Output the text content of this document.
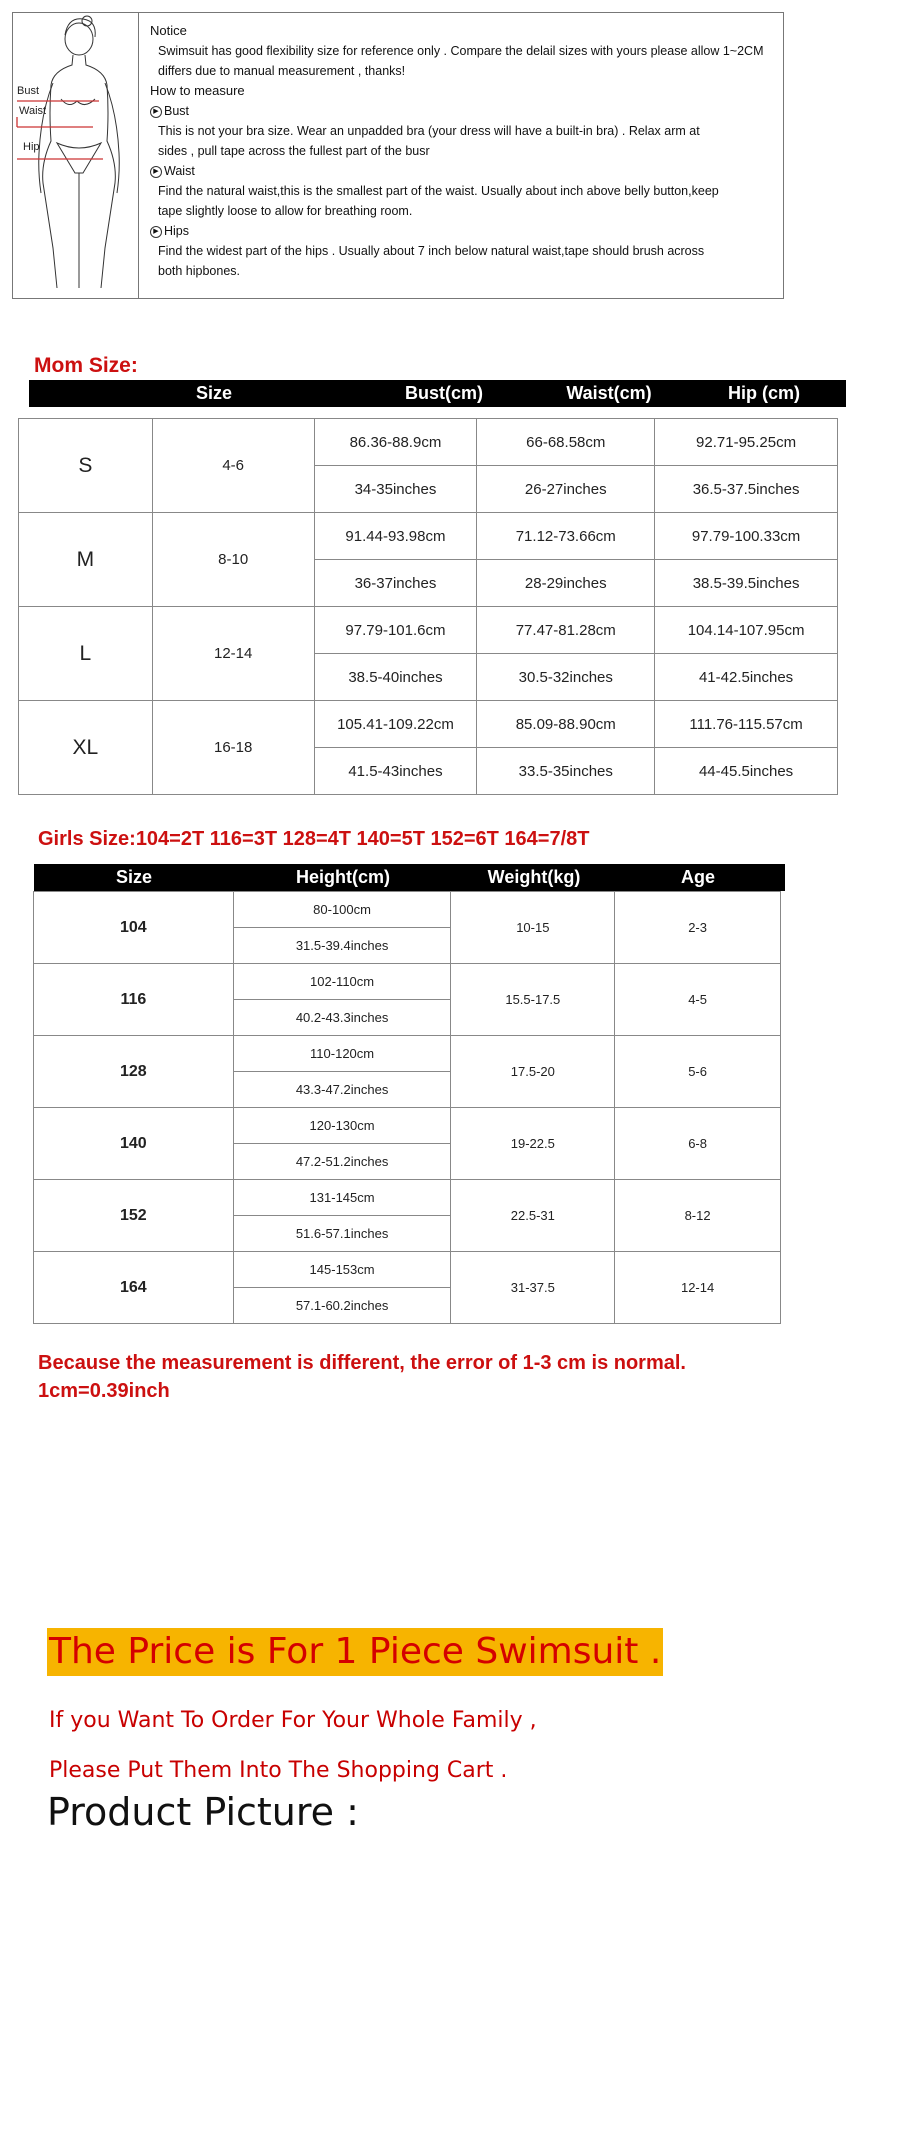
Bust
Waist
Hip
Notice
Swimsuit has good flexibility size for reference only . Compare the delail sizes with yours please allow 1~2CM
differs due to manual measurement , thanks!
How to measure
▶ Bust
This is not your bra size. Wear an unpadded bra (your dress will have a built-in bra) . Relax arm at
sides , pull tape across the fullest part of the busr
▶ Waist
Find the natural waist,this is the smallest part of the waist. Usually about inch above belly button,keep
tape slightly loose to allow for breathing room.
▶ Hips
Find the widest part of the hips . Usually about 7 inch below natural waist,tape should brush across
both hipbones.
Mom Size:
Size	Bust(cm)	Waist(cm)	Hip (cm)
S	4-6	86.36-88.9cm	66-68.58cm	92.71-95.25cm
		34-35inches	26-27inches	36.5-37.5inches
M	8-10	91.44-93.98cm	71.12-73.66cm	97.79-100.33cm
		36-37inches	28-29inches	38.5-39.5inches
L	12-14	97.79-101.6cm	77.47-81.28cm	104.14-107.95cm
		38.5-40inches	30.5-32inches	41-42.5inches
XL	16-18	105.41-109.22cm	85.09-88.90cm	111.76-115.57cm
		41.5-43inches	33.5-35inches	44-45.5inches
Girls Size:104=2T 116=3T 128=4T 140=5T 152=6T 164=7/8T
Size	Height(cm)	Weight(kg)	Age
104	80-100cm	10-15	2-3
	31.5-39.4inches		
116	102-110cm	15.5-17.5	4-5
	40.2-43.3inches		
128	110-120cm	17.5-20	5-6
	43.3-47.2inches		
140	120-130cm	19-22.5	6-8
	47.2-51.2inches		
152	131-145cm	22.5-31	8-12
	51.6-57.1inches		
164	145-153cm	31-37.5	12-14
	57.1-60.2inches		
Because the measurement is different, the error of 1-3 cm is normal.
1cm=0.39inch
The Price is For 1 Piece Swimsuit .
If you Want To Order For Your Whole Family ,
Please Put Them Into The Shopping Cart .
Product Picture :
